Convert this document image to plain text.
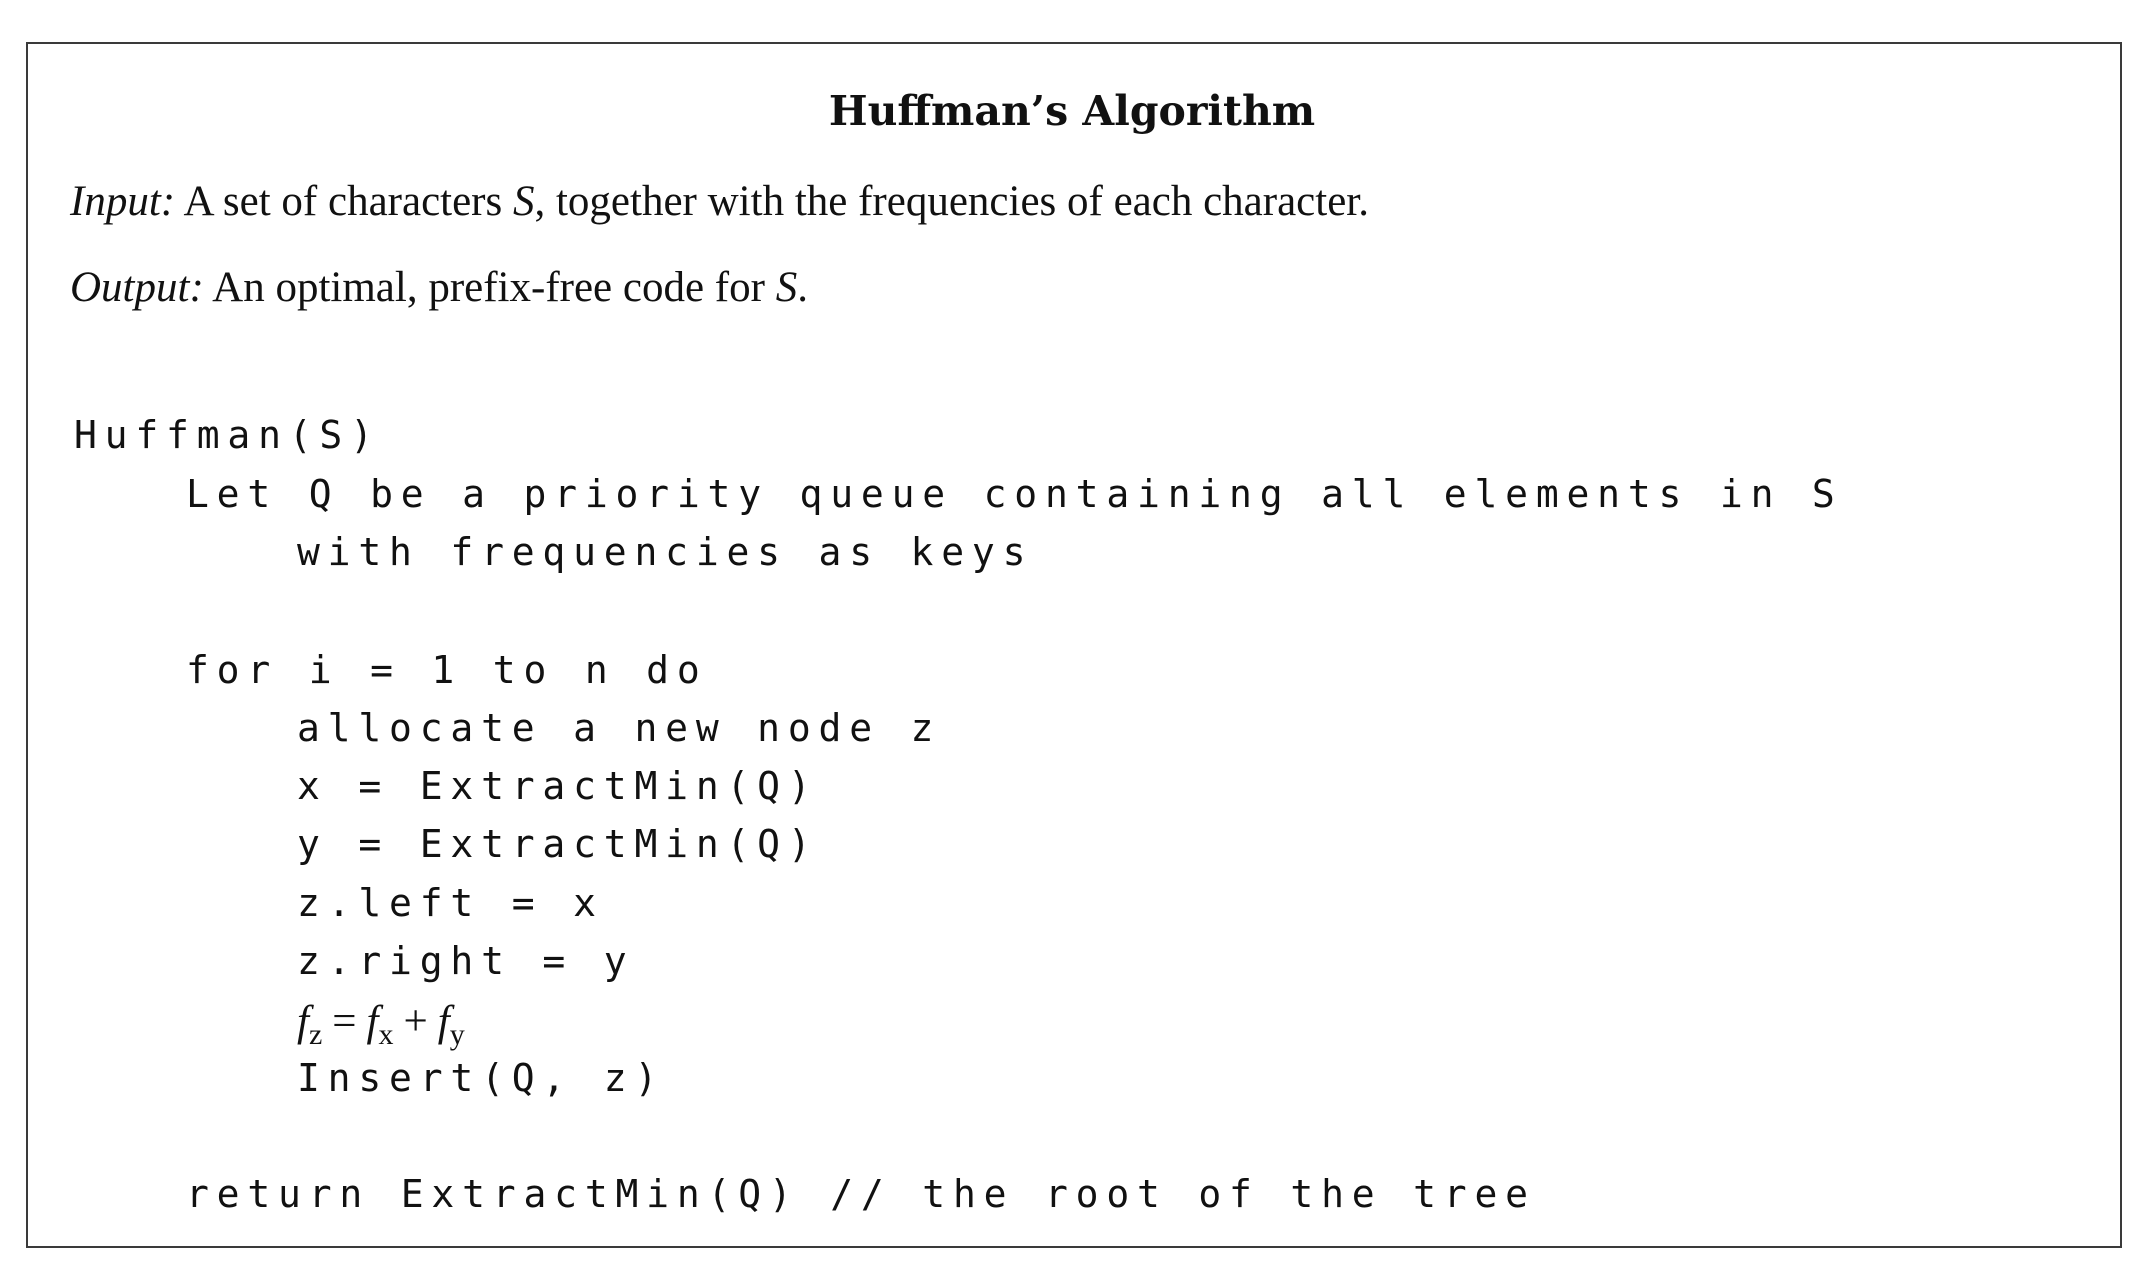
Huffman’s Algorithm
Input: A set of characters S, together with the frequencies of each character.
Output: An optimal, prefix-free code for S.
Huffman(S)
Let Q be a priority queue containing all elements in S
with frequencies as keys
for i = 1 to n do
allocate a new node z
x = ExtractMin(Q)
y = ExtractMin(Q)
z.left = x
z.right = y
$f_z = f_x + f_y$
Insert(Q, z)
return ExtractMin(Q) // the root of the tree
